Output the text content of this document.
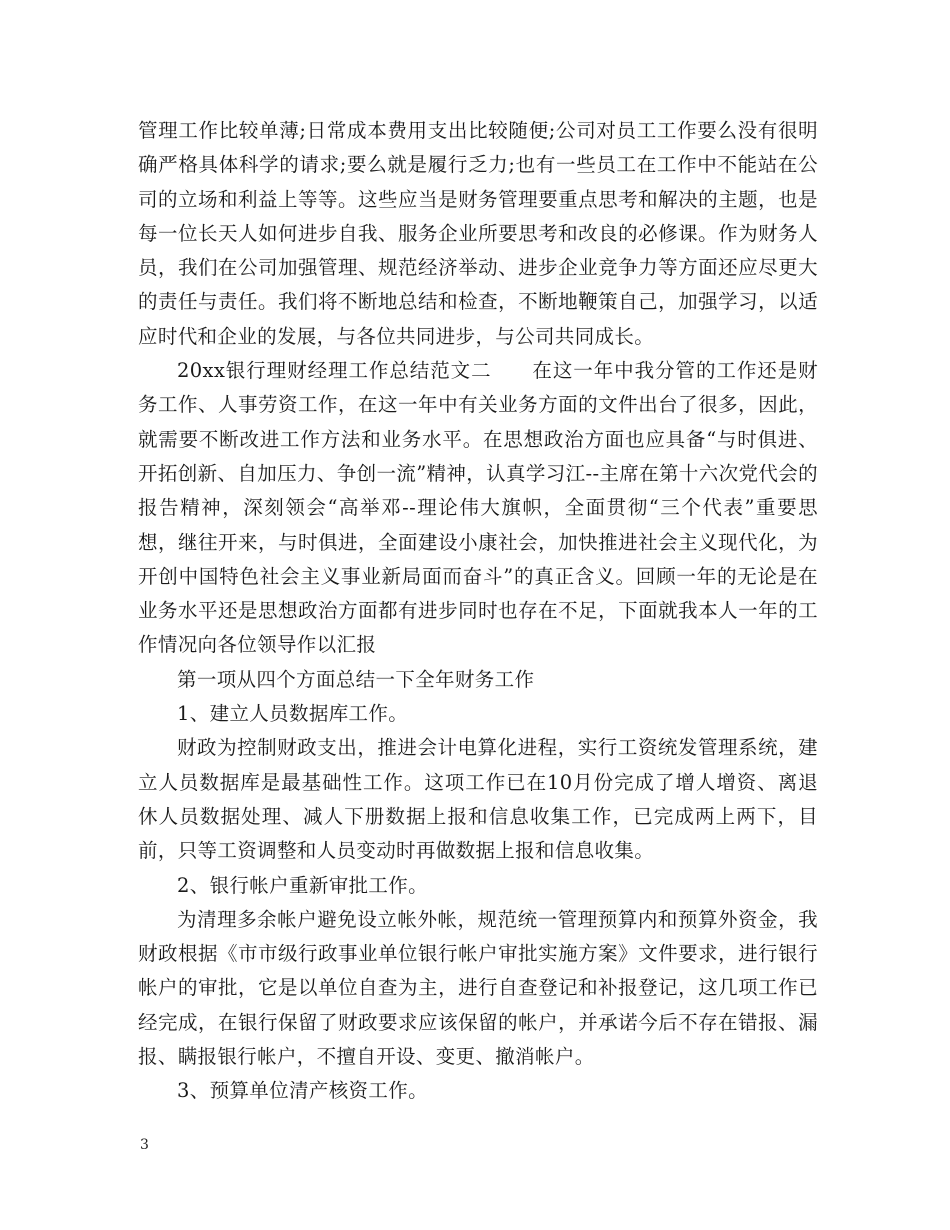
管理工作比较单薄;日常成本费用支出比较随便;公司对员工工作要么没有很明确严格具体科学的请求;要么就是履行乏力;也有一些员工在工作中不能站在公司的立场和利益上等等。这些应当是财务管理要重点思考和解决的主题，也是每一位长天人如何进步自我、服务企业所要思考和改良的必修课。作为财务人员，我们在公司加强管理、规范经济举动、进步企业竞争力等方面还应尽更大的责任与责任。我们将不断地总结和检查，不断地鞭策自己，加强学习，以适应时代和企业的发展，与各位共同进步，与公司共同成长。

20xx银行理财经理工作总结范文二　　在这一年中我分管的工作还是财务工作、人事劳资工作，在这一年中有关业务方面的文件出台了很多，因此，就需要不断改进工作方法和业务水平。在思想政治方面也应具备“与时俱进、开拓创新、自加压力、争创一流”精神，认真学习江--主席在第十六次党代会的报告精神，深刻领会“高举邓--理论伟大旗帜，全面贯彻“三个代表”重要思想，继往开来，与时俱进，全面建设小康社会，加快推进社会主义现代化，为开创中国特色社会主义事业新局面而奋斗”的真正含义。回顾一年的无论是在业务水平还是思想政治方面都有进步同时也存在不足，下面就我本人一年的工作情况向各位领导作以汇报

第一项从四个方面总结一下全年财务工作

1、建立人员数据库工作。

财政为控制财政支出，推进会计电算化进程，实行工资统发管理系统，建立人员数据库是最基础性工作。这项工作已在10月份完成了增人增资、离退休人员数据处理、减人下册数据上报和信息收集工作，已完成两上两下，目前，只等工资调整和人员变动时再做数据上报和信息收集。

2、银行帐户重新审批工作。

为清理多余帐户避免设立帐外帐，规范统一管理预算内和预算外资金，我财政根据《市市级行政事业单位银行帐户审批实施方案》文件要求，进行银行帐户的审批，它是以单位自查为主，进行自查登记和补报登记，这几项工作已经完成，在银行保留了财政要求应该保留的帐户，并承诺今后不存在错报、漏报、瞒报银行帐户，不擅自开设、变更、撤消帐户。

3、预算单位清产核资工作。

3
